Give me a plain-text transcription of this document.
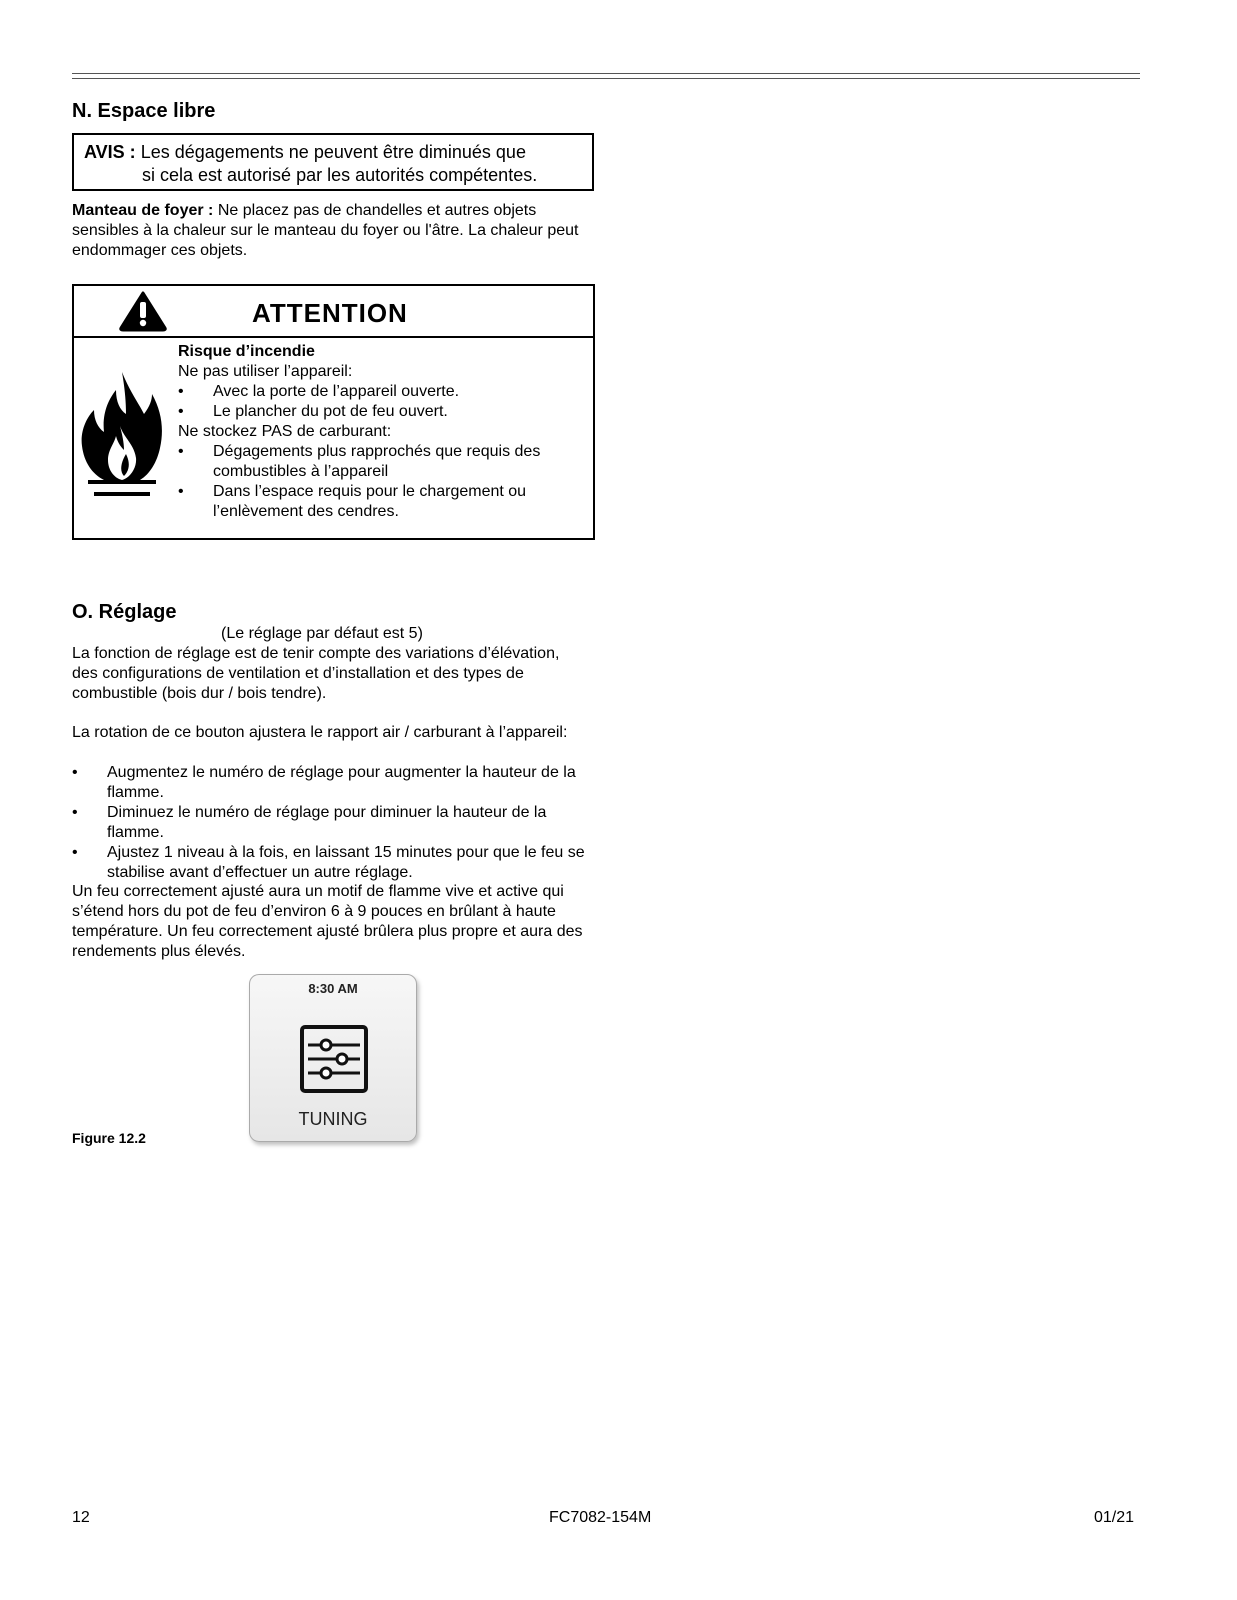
N. Espace libre
AVIS : Les dégagements ne peuvent être diminués que
si cela est autorisé par les autorités compétentes.
Manteau de foyer : Ne placez pas de chandelles et autres objets sensibles à la chaleur sur le manteau du foyer ou l'âtre. La chaleur peut endommager ces objets.
ATTENTION
Risque d’incendie
Ne pas utiliser l’appareil:
•	Avec la porte de l’appareil ouverte.
•	Le plancher du pot de feu ouvert.
Ne stockez PAS de carburant:
•	Dégagements plus rapprochés que requis des combustibles à l’appareil
•	Dans l’espace requis pour le chargement ou l’enlèvement des cendres.
O. Réglage
(Le réglage par défaut est 5)
La fonction de réglage est de tenir compte des variations d’élévation, des configurations de ventilation et d’installation et des types de combustible (bois dur / bois tendre).
La rotation de ce bouton ajustera le rapport air / carburant à l’appareil:
•	Augmentez le numéro de réglage pour augmenter la hauteur de la flamme.
•	Diminuez le numéro de réglage pour diminuer la hauteur de la flamme.
•	Ajustez 1 niveau à la fois, en laissant 15 minutes pour que le feu se stabilise avant d’effectuer un autre réglage.
Un feu correctement ajusté aura un motif de flamme vive et active qui s’étend hors du pot de feu d’environ 6 à 9 pouces en brûlant à haute température. Un feu correctement ajusté brûlera plus propre et aura des rendements plus élevés.
8:30 AM
TUNING
Figure 12.2
12	FC7082-154M	01/21
